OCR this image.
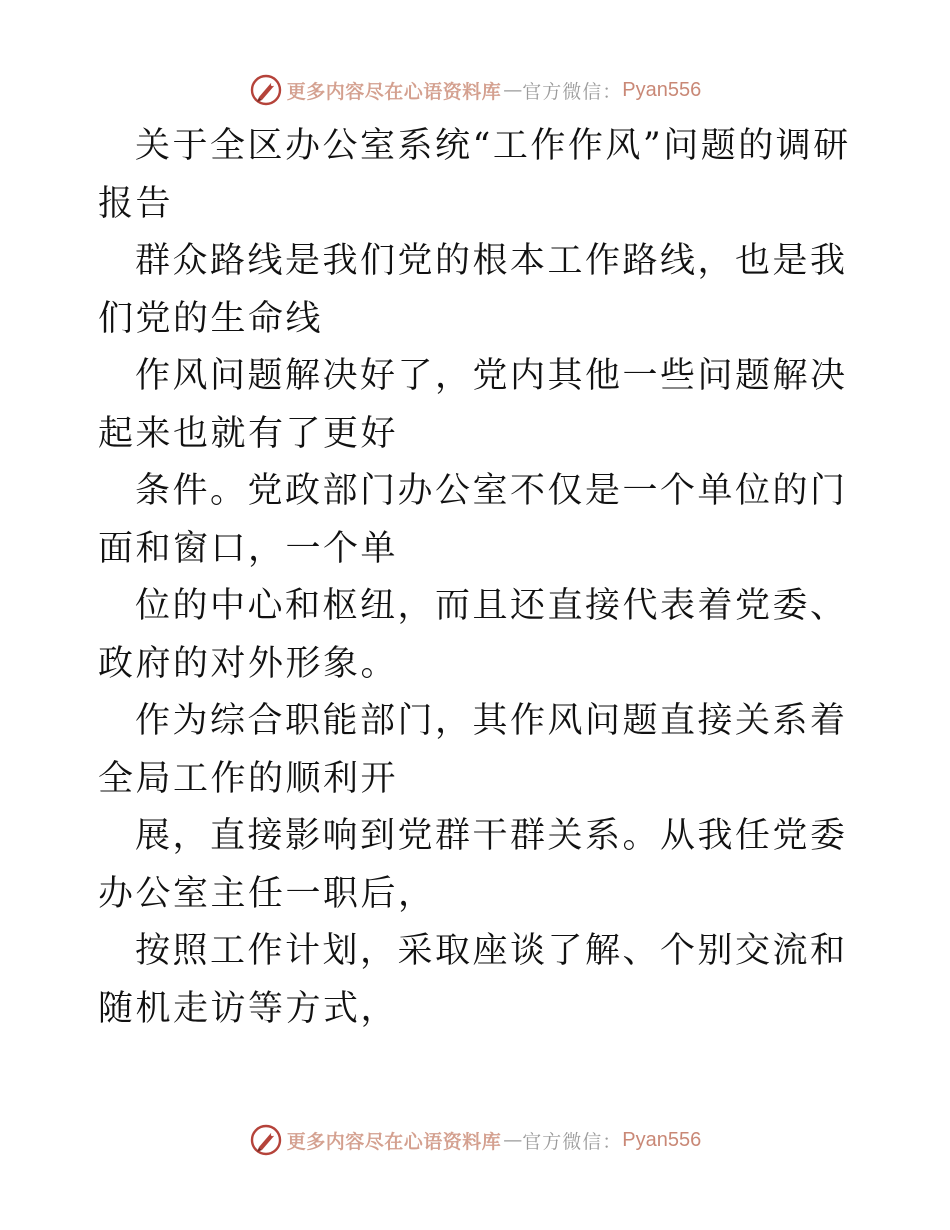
更多内容尽在心语资料库 — 官方微信： Pyan556

关于全区办公室系统“工作作风”问题的调研报告

群众路线是我们党的根本工作路线，也是我们党的生命线

作风问题解决好了，党内其他一些问题解决起来也就有了更好

条件。党政部门办公室不仅是一个单位的门面和窗口，一个单

位的中心和枢纽，而且还直接代表着党委、政府的对外形象。

作为综合职能部门，其作风问题直接关系着全局工作的顺利开

展，直接影响到党群干群关系。从我任党委办公室主任一职后，

按照工作计划，采取座谈了解、个别交流和随机走访等方式，

更多内容尽在心语资料库 — 官方微信： Pyan556
